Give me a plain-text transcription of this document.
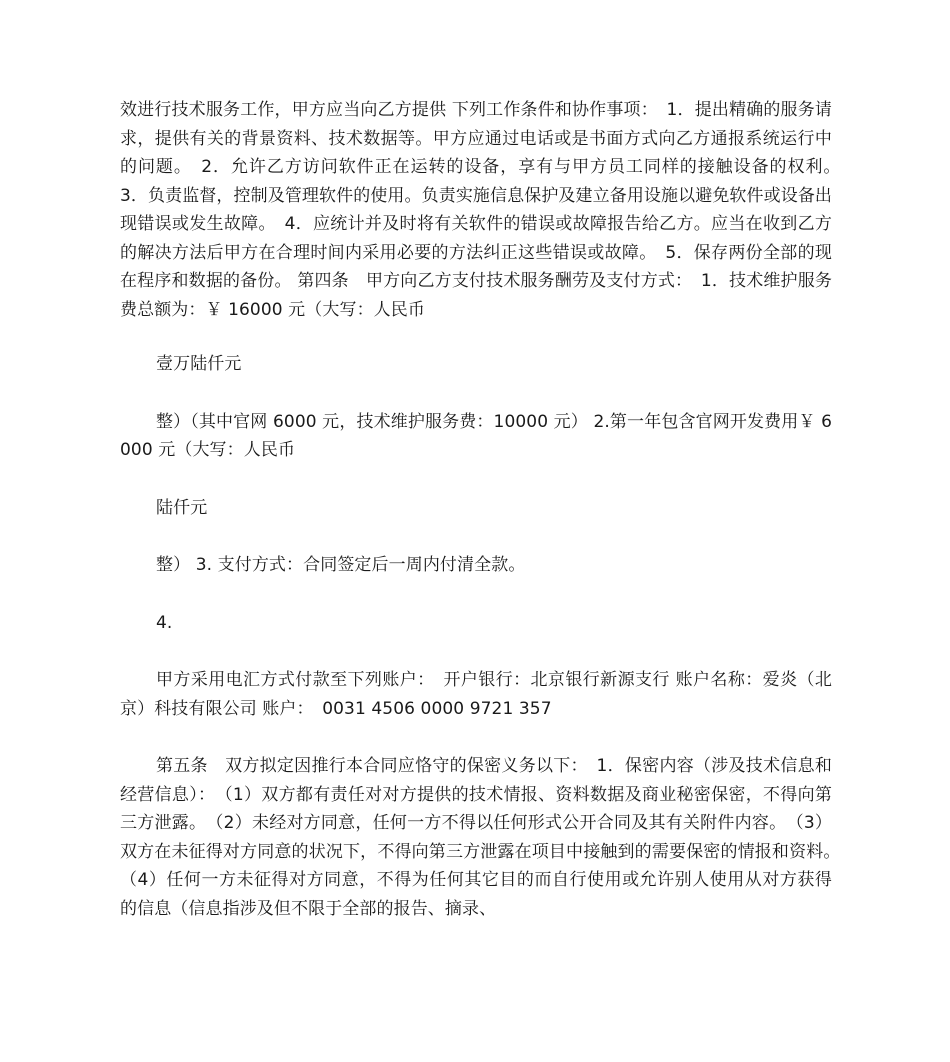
效进行技术服务工作，甲方应当向乙方提供 下列工作条件和协作事项：　1．提出精确的服务请求，提供有关的背景资料、技术数据等。甲方应通过电话或是书面方式向乙方通报系统运行中的问题。　2．允许乙方访问软件正在运转的设备，享有与甲方员工同样的接触设备的权利。　3．负责监督，控制及管理软件的使用。负责实施信息保护及建立备用设施以避免软件或设备出现错误或发生故障。　4．应统计并及时将有关软件的错误或故障报告给乙方。应当在收到乙方的解决方法后甲方在合理时间内采用必要的方法纠正这些错误或故障。　5．保存两份全部的现在程序和数据的备份。 第四条　甲方向乙方支付技术服务酬劳及支付方式：　1．技术维护服务费总额为：￥ 16000 元（大写：人民币

壹万陆仟元

整）（其中官网 6000 元，技术维护服务费：10000 元） 2.第一年包含官网开发费用￥ 6000 元（大写：人民币

陆仟元

整） 3. 支付方式：合同签定后一周内付清全款。

4.

甲方采用电汇方式付款至下列账户：　开户银行：北京银行新源支行 账户名称：爱炎（北京）科技有限公司 账户：　0031 4506 0000 9721 357

第五条　双方拟定因推行本合同应恪守的保密义务以下：　1．保密内容（涉及技术信息和经营信息）：　（1）双方都有责任对对方提供的技术情报、资料数据及商业秘密保密，不得向第三方泄露。　（2）未经对方同意，任何一方不得以任何形式公开合同及其有关附件内容。　（3）双方在未征得对方同意的状况下，不得向第三方泄露在项目中接触到的需要保密的情报和资料。　（4）任何一方未征得对方同意，不得为任何其它目的而自行使用或允许别人使用从对方获得的信息（信息指涉及但不限于全部的报告、摘录、
